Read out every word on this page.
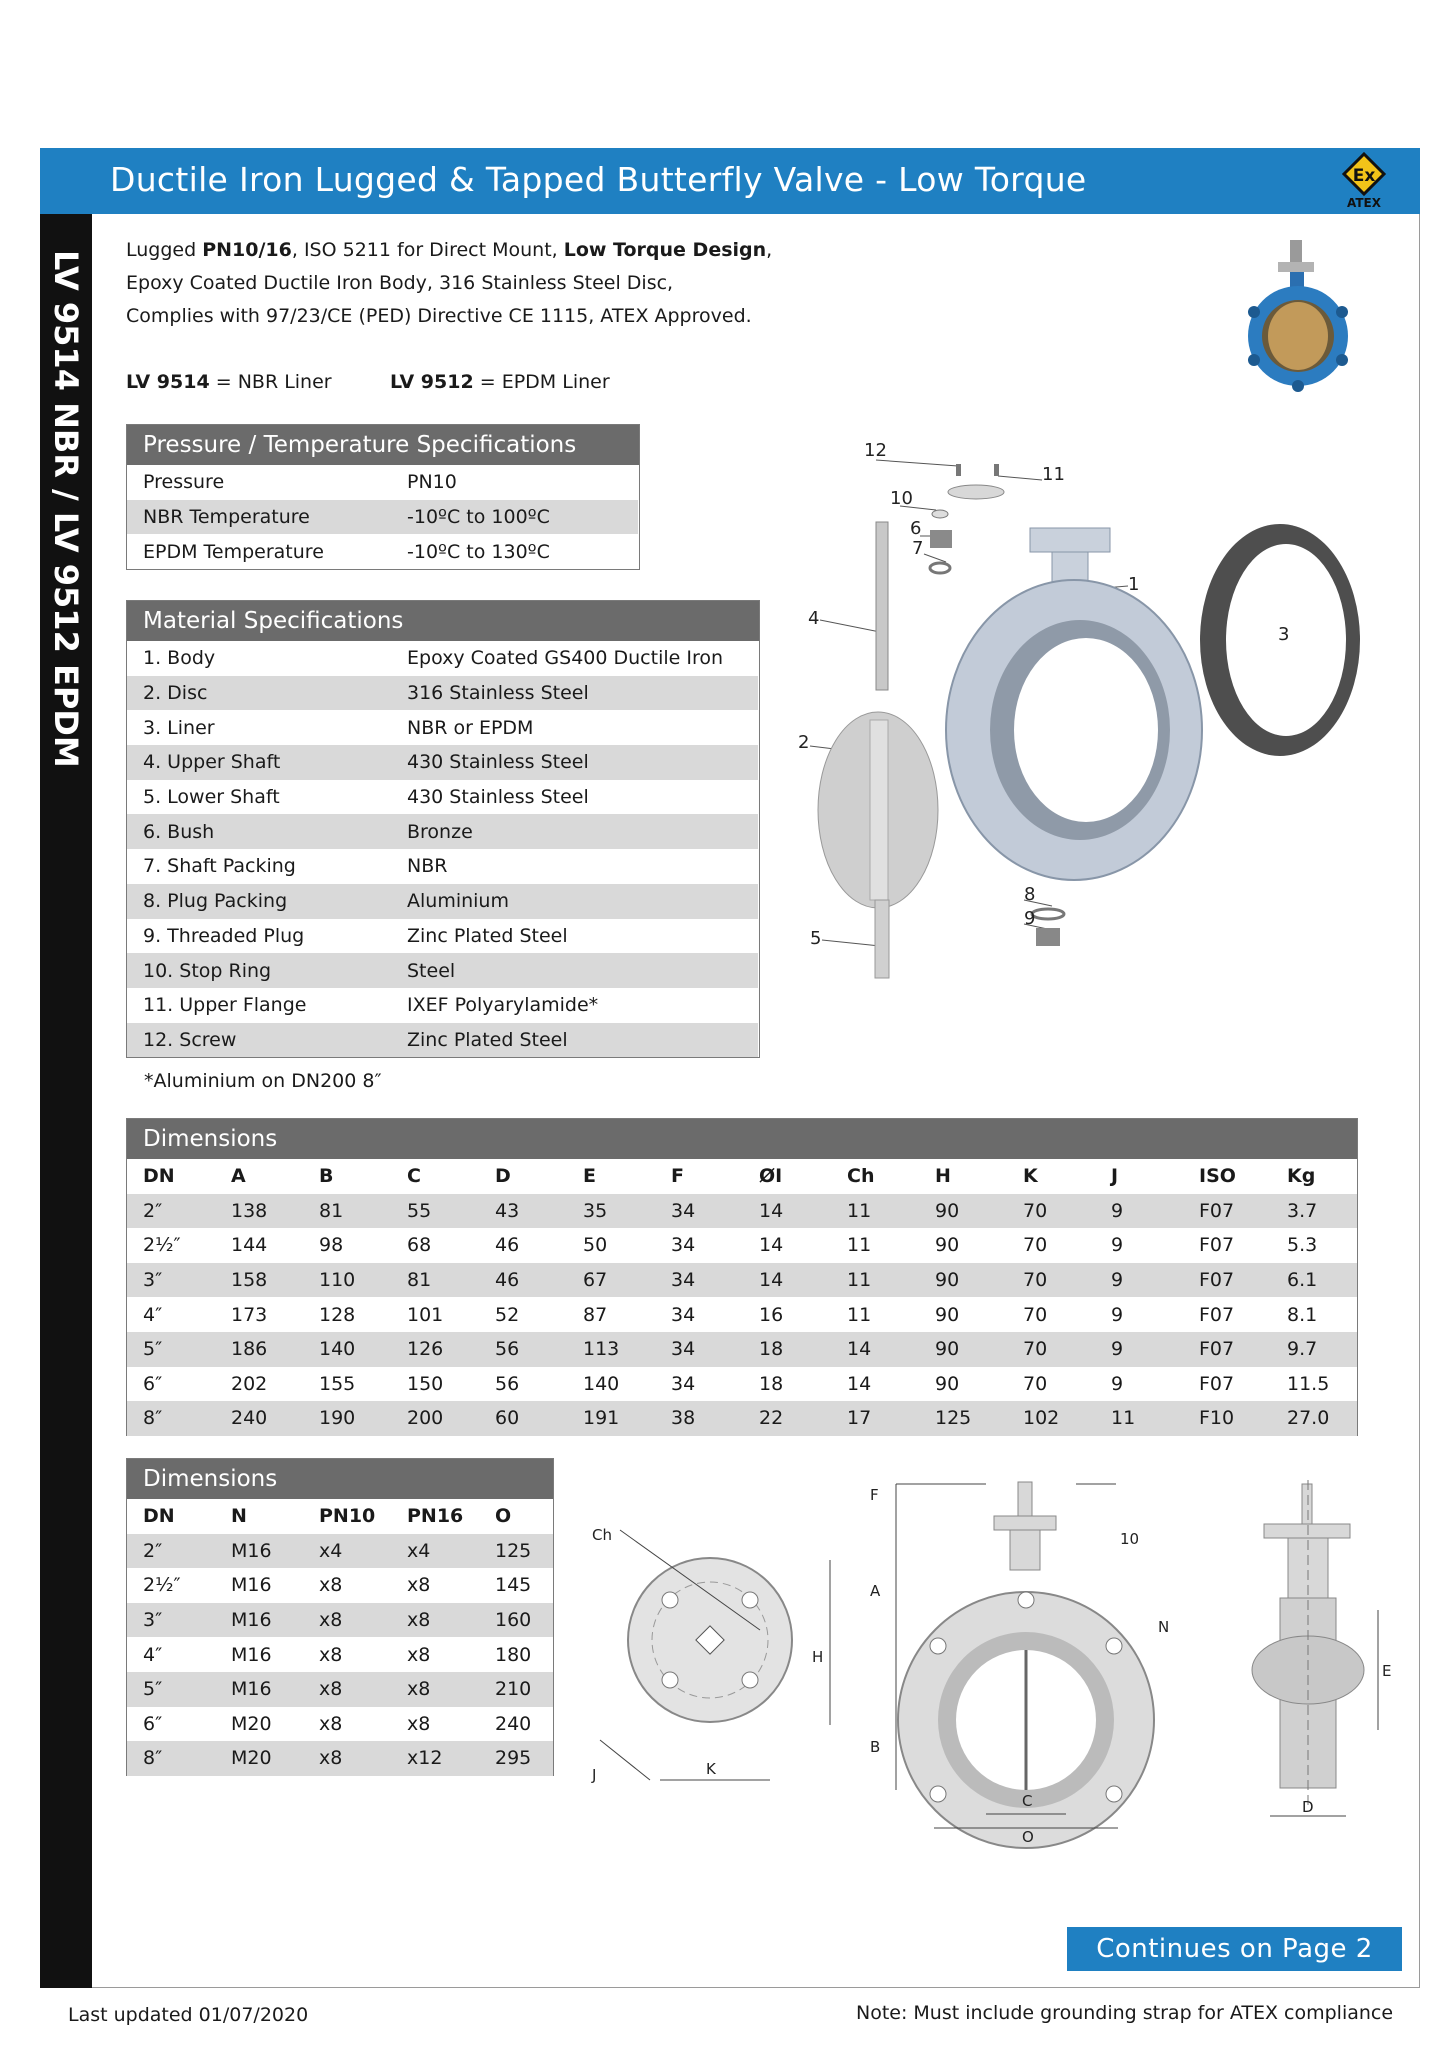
Ductile Iron Lugged & Tapped Butterfly Valve - Low Torque	Ex
ATEX
LV 9514 NBR / LV 9512 EPDM Lugged PN10/16, ISO 5211 for Direct Mount, Low Torque Design,
Epoxy Coated Ductile Iron Body, 316 Stainless Steel Disc,
Complies with 97/23/CE (PED) Directive CE 1115, ATEX Approved.
LV 9514 = NBR Liner	LV 9512 = EPDM Liner
Pressure / Temperature Specifications
Pressure	PN10
NBR Temperature	-10ºC to 100ºC
EPDM Temperature	-10ºC to 130ºC
Material Specifications
1. Body	Epoxy Coated GS400 Ductile Iron
2. Disc	316 Stainless Steel
3. Liner	NBR or EPDM
4. Upper Shaft	430 Stainless Steel
5. Lower Shaft	430 Stainless Steel
6. Bush	Bronze
7. Shaft Packing	NBR
8. Plug Packing	Aluminium
9. Threaded Plug	Zinc Plated Steel
10. Stop Ring	Steel
11. Upper Flange	IXEF Polyarylamide*
12. Screw	Zinc Plated Steel
*Aluminium on DN200 8″
12
11
10
6
7
1
4
3
2
8
9
5
Dimensions
DN	A	B	C	D	E	F	ØI	Ch	H	K	J	ISO	Kg
2″	138	81	55	43	35	34	14	11	90	70	9	F07	3.7
2½″	144	98	68	46	50	34	14	11	90	70	9	F07	5.3
3″	158	110	81	46	67	34	14	11	90	70	9	F07	6.1
4″	173	128	101	52	87	34	16	11	90	70	9	F07	8.1
5″	186	140	126	56	113	34	18	14	90	70	9	F07	9.7
6″	202	155	150	56	140	34	18	14	90	70	9	F07	11.5
8″	240	190	200	60	191	38	22	17	125	102	11	F10	27.0
Dimensions
DN	N	PN10	PN16	O
2″	M16	x4	x4	125
2½″	M16	x8	x8	145
3″	M16	x8	x8	160
4″	M16	x8	x8	180
5″	M16	x8	x8	210
6″	M20	x8	x8	240
8″	M20	x8	x12	295
Ch
H
J	K
F
A
B
C
O
N
10
E
D
Continues on Page 2
Last updated 01/07/2020	Note: Must include grounding strap for ATEX compliance
